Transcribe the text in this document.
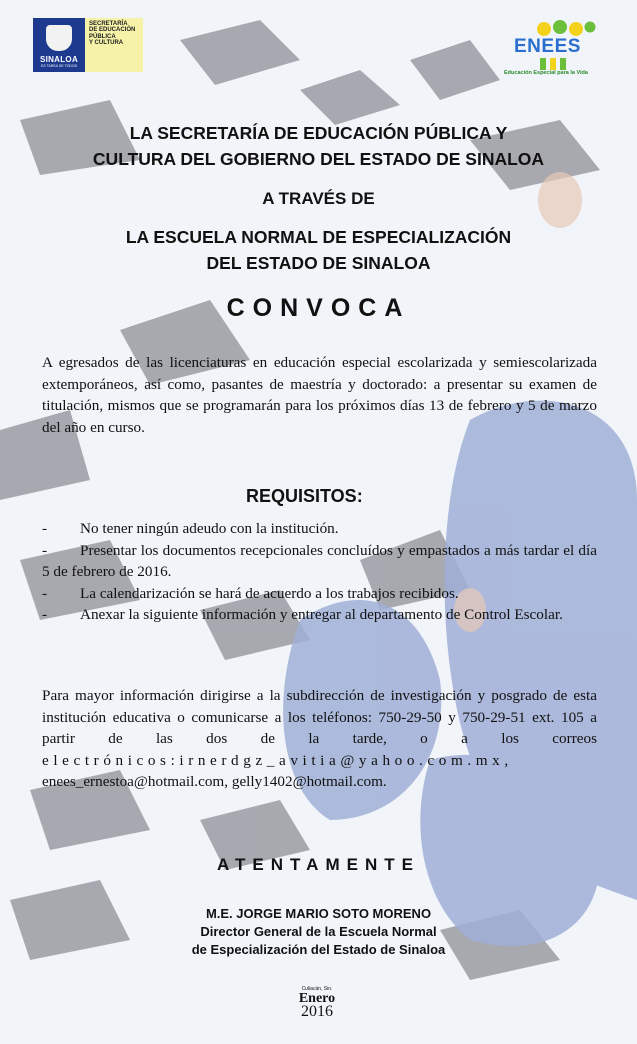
SINALOA
ES TAREA DE TODOS
SECRETARÍA
DE EDUCACIÓN
PÚBLICA
Y CULTURA	ENEES
Educación Especial para la Vida
LA SECRETARÍA DE EDUCACIÓN PÚBLICA Y
CULTURA DEL GOBIERNO DEL ESTADO DE SINALOA
A TRAVÉS DE
LA ESCUELA NORMAL DE ESPECIALIZACIÓN
DEL ESTADO DE SINALOA
CONVOCA
A egresados de las licenciaturas en educación especial escolarizada y semiescolarizada extemporáneos, así como, pasantes de maestría y doctorado: a presentar su examen de titulación, mismos que se programarán para los próximos días 13 de febrero y 5 de marzo del año en curso.
REQUISITOS:
- No tener ningún adeudo con la institución.
- Presentar los documentos recepcionales concluídos y empastados a más tardar el día 5 de febrero de 2016.
- La calendarización se hará de acuerdo a los trabajos recibidos.
- Anexar la siguiente información y entregar al departamento de Control Escolar.
Para mayor información dirigirse a la subdirección de investigación y posgrado de esta institución educativa o comunicarse a los teléfonos: 750-29-50 y 750-29-51 ext. 105 a partir de las dos de la tarde, o a los correos electrónicos:irnerdgz_avitia@yahoo.com.mx, enees_ernestoa@hotmail.com, gelly1402@hotmail.com.
ATENTAMENTE
M.E. JORGE MARIO SOTO MORENO
Director General de la Escuela Normal
de Especialización del Estado de Sinaloa
Culiacán, Sin.
Enero
2016
